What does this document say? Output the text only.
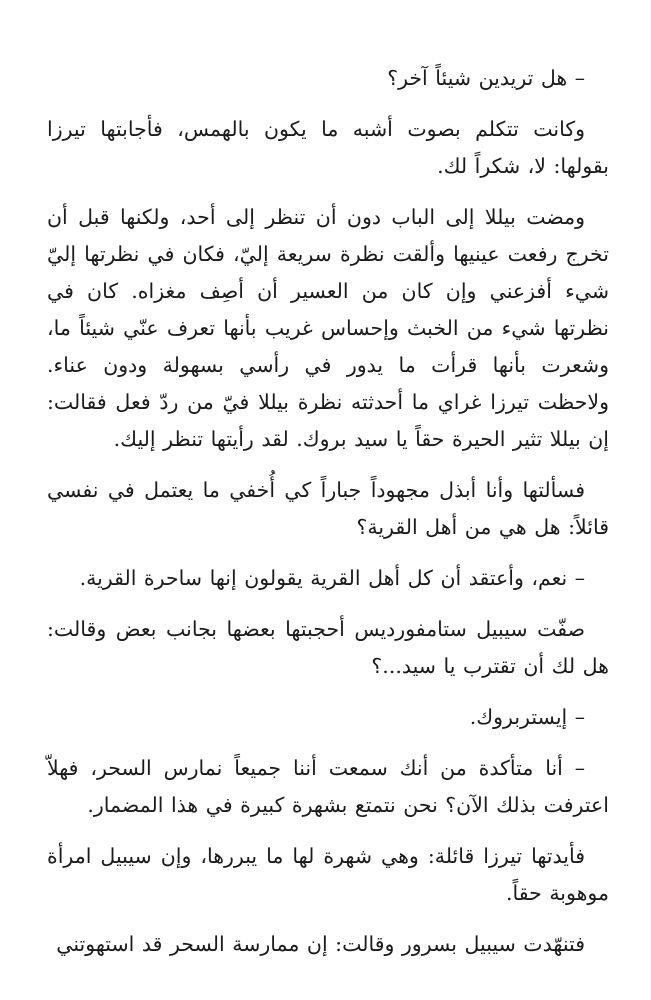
– هل تريدين شيئاً آخر؟

وكانت تتكلم بصوت أشبه ما يكون بالهمس، فأجابتها تيرزا بقولها: لا، شكراً لك.

ومضت بيللا إلى الباب دون أن تنظر إلى أحد، ولكنها قبل أن تخرج رفعت عينيها وألقت نظرة سريعة إليّ، فكان في نظرتها إليّ شيء أفزعني وإن كان من العسير أن أصِف مغزاه. كان في نظرتها شيء من الخبث وإحساس غريب بأنها تعرف عنّي شيئاً ما، وشعرت بأنها قرأت ما يدور في رأسي بسهولة ودون عناء. ولاحظت تيرزا غراي ما أحدثته نظرة بيللا فيّ من ردّ فعل فقالت: إن بيللا تثير الحيرة حقاً يا سيد بروك. لقد رأيتها تنظر إليك.

فسألتها وأنا أبذل مجهوداً جباراً كي أُخفي ما يعتمل في نفسي قائلاً: هل هي من أهل القرية؟

– نعم، وأعتقد أن كل أهل القرية يقولون إنها ساحرة القرية.

صفّت سيبيل ستامفورديس أحجبتها بعضها بجانب بعض وقالت: هل لك أن تقترب يا سيد...؟

– إيستربروك.

– أنا متأكدة من أنك سمعت أننا جميعاً نمارس السحر، فهلاّ اعترفت بذلك الآن؟ نحن نتمتع بشهرة كبيرة في هذا المضمار.

فأيدتها تيرزا قائلة: وهي شهرة لها ما يبررها، وإن سيبيل امرأة موهوبة حقاً.

فتنهّدت سيبيل بسرور وقالت: إن ممارسة السحر قد استهوتني
